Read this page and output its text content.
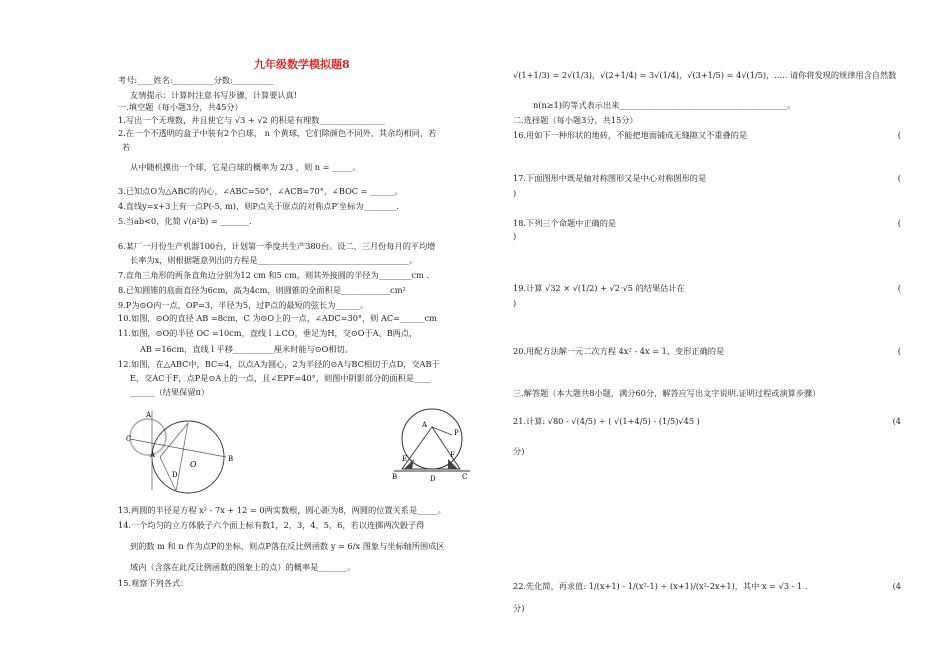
九年级数学模拟题8
考号:____姓名:__________分数:__________
友情提示：计算时注意书写步骤，计算要认真!
一.填空题（每小题3分，共45分）
1.写出一个无理数，并且使它与 √3 + √2 的积是有理数________________
2.在一个不透明的盒子中装有2个白球， n 个黄球，它们除颜色不同外，其余均相同，若
若
从中随机摸出一个球，它是白球的概率为 2/3 ，则 n = _____。
3.已知点O为△ABC的内心，∠ABC=50°，∠ACB=70°，∠BOC = ______。
4.直线y=x+3上有一点P(-5, m)，则P点关于原点的对称点P′坐标为________.
5.当ab<0，化简 √(a²b) = _______.
6.某厂一月份生产机器100台，计划第一季度共生产380台。设二，三月份每月的平均增
长率为x，则根据题意列出的方程是_____________________________________。
7.直角三角形的两条直角边分别为12 cm 和5 cm，则其外接圆的半径为________cm .
8.已知圆锥的底面直径为6cm，高为4cm，则圆锥的全面积是____________cm²
9.P为⊙O内一点，OP=3，半径为5，过P点的最短的弦长为______。
10.如图，⊙O的直径 AB =8cm，C 为⊙O上的一点，∠ADC=30°，则 AC=______cm
11.如图，⊙O的半径 OC =10cm，直线 l ⊥CO，垂足为H，交⊙O于A、B两点，
AB =16cm，直线 l 平移__________厘米时能与⊙O相切。
12.如图，在△ABC中，BC=4，以点A为圆心，2为半径的⊙A与BC相切于点D，交AB于
E，交AC于F，点P是⊙A上的一点，且∠EPF=40°，则图中阴影部分的面积是____
______（结果保留π）
A
C
A
O
B
D
A
P
E	F
B	C
D
13.两圆的半径是方程 x² - 7x + 12 = 0两实数根，圆心距为8，两圆的位置关系是_____。
14.一个均匀的立方体骰子六个面上标有数1，2，3，4，5，6，若以连掷两次骰子得
到的数 m 和 n 作为点P的坐标，则点P落在反比例函数 y = 6/x 图象与坐标轴所围成区
域内（含落在此反比例函数的图象上的点）的概率是_______。
15.观察下列各式：
√(1+1/3) = 2√(1/3)，√(2+1/4) = 3√(1/4)，√(3+1/5) = 4√(1/5)，..... 请你将发现的规律用含自然数
n(n≥1)的等式表示出来_________________________________________。
二.选择题（每小题3分，共15分）
16.用如下一种形状的地砖，不能把地面铺成无缝隙又不重叠的是	(
17.下面图形中既是轴对称图形又是中心对称图形的是	(
)
18.下列三个命题中正确的是	(
)
19.计算 √32 × √(1/2) + √2·√5 的结果估计在	(
)
20.用配方法解一元二次方程 4x² - 4x = 1，变形正确的是	(
三.解答题（本大题共8小题，满分60分，解答应写出文字说明.证明过程或演算步骤）
21.计算: √80 - √(4/5) ÷ ( √(1+4/5) - (1/5)√45 )	(4
分)
22.先化简，再求值: 1/(x+1) - 1/(x²-1) ÷ (x+1)/(x²-2x+1)，其中 x = √3 - 1 .	(4
分)
